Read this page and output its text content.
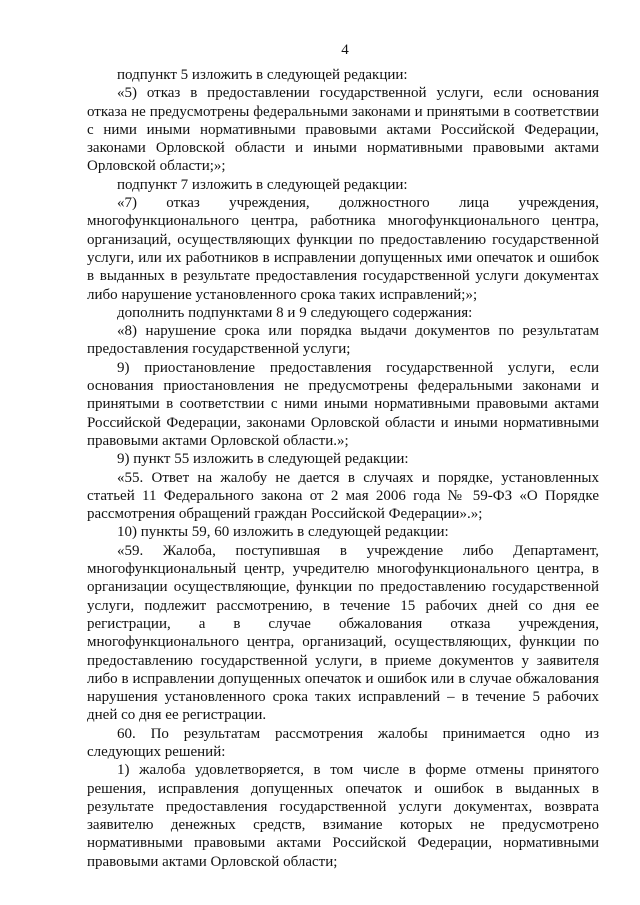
4

подпункт 5 изложить в следующей редакции:

«5) отказ в предоставлении государственной услуги, если основания отказа не предусмотрены федеральными законами и принятыми в соответствии с ними иными нормативными правовыми актами Российской Федерации, законами Орловской области и иными нормативными правовыми актами Орловской области;»;

подпункт 7 изложить в следующей редакции:

«7) отказ учреждения, должностного лица учреждения, многофункционального центра, работника многофункционального центра, организаций, осуществляющих функции по предоставлению государственной услуги, или их работников в исправлении допущенных ими опечаток и ошибок в выданных в результате предоставления государственной услуги документах либо нарушение установленного срока таких исправлений;»;

дополнить подпунктами 8 и 9 следующего содержания:

«8) нарушение срока или порядка выдачи документов по результатам предоставления государственной услуги;

9) приостановление предоставления государственной услуги, если основания приостановления не предусмотрены федеральными законами и принятыми в соответствии с ними иными нормативными правовыми актами Российской Федерации, законами Орловской области и иными нормативными правовыми актами Орловской области.»;

9) пункт 55 изложить в следующей редакции:

«55. Ответ на жалобу не дается в случаях и порядке, установленных статьей 11 Федерального закона от 2 мая 2006 года № 59-ФЗ «О Порядке рассмотрения обращений граждан Российской Федерации».»;

10) пункты 59, 60 изложить в следующей редакции:

«59. Жалоба, поступившая в учреждение либо Департамент, многофункциональный центр, учредителю многофункционального центра, в организации осуществляющие, функции по предоставлению государственной услуги, подлежит рассмотрению, в течение 15 рабочих дней со дня ее регистрации, а в случае обжалования отказа учреждения, многофункционального центра, организаций, осуществляющих, функции по предоставлению государственной услуги, в приеме документов у заявителя либо в исправлении допущенных опечаток и ошибок или в случае обжалования нарушения установленного срока таких исправлений – в течение 5 рабочих дней со дня ее регистрации.

60. По результатам рассмотрения жалобы принимается одно из следующих решений:

1) жалоба удовлетворяется, в том числе в форме отмены принятого решения, исправления допущенных опечаток и ошибок в выданных в результате предоставления государственной услуги документах, возврата заявителю денежных средств, взимание которых не предусмотрено нормативными правовыми актами Российской Федерации, нормативными правовыми актами Орловской области;
